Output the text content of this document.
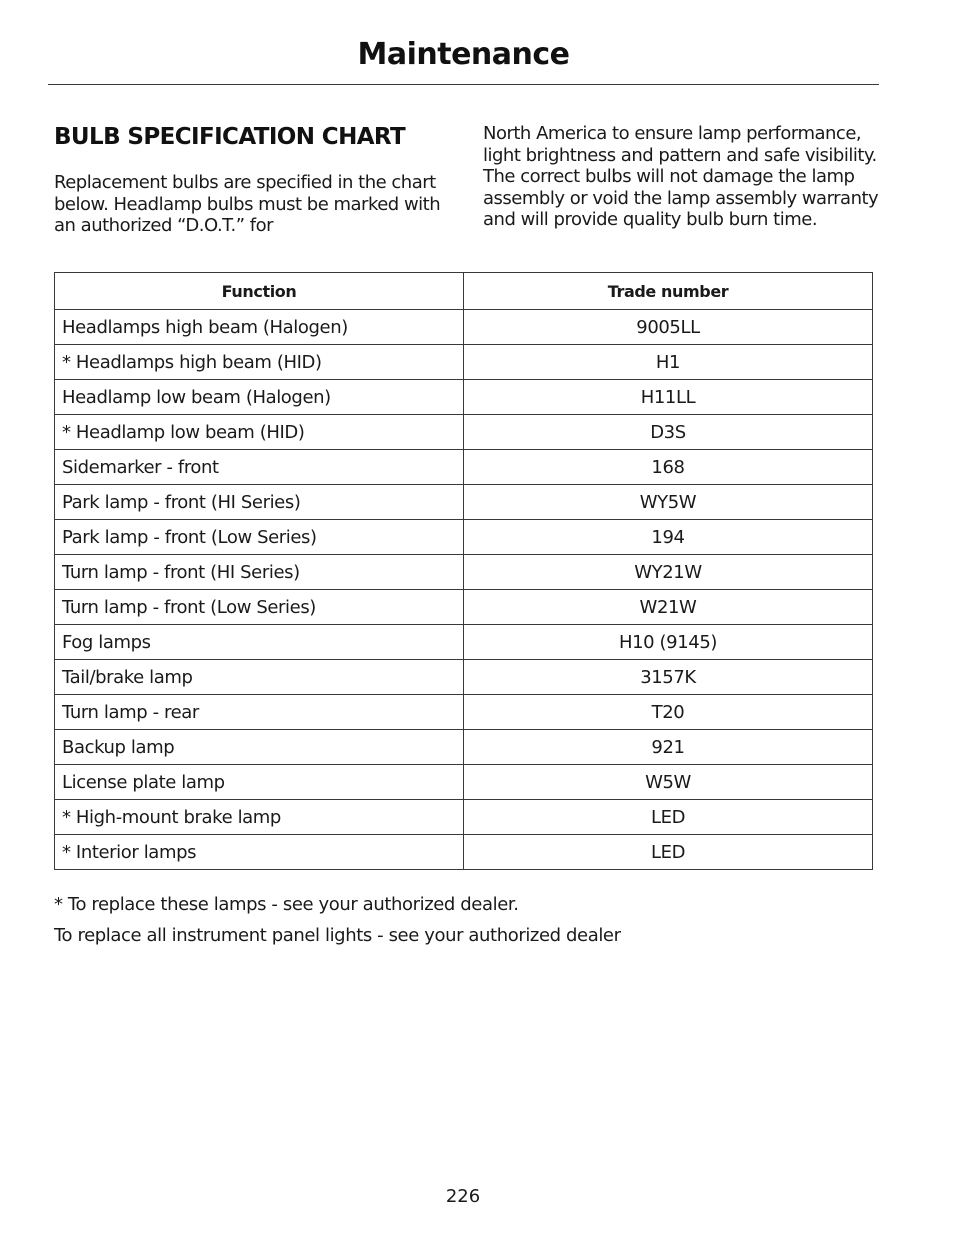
Maintenance
BULB SPECIFICATION CHART

Replacement bulbs are specified in the chart below. Headlamp bulbs must be marked with an authorized “D.O.T.” for

North America to ensure lamp performance, light brightness and pattern and safe visibility. The correct bulbs will not damage the lamp assembly or void the lamp assembly warranty and will provide quality bulb burn time.

Function	Trade number
Headlamps high beam (Halogen)	9005LL
* Headlamps high beam (HID)	H1
Headlamp low beam (Halogen)	H11LL
* Headlamp low beam (HID)	D3S
Sidemarker - front	168
Park lamp - front (HI Series)	WY5W
Park lamp - front (Low Series)	194
Turn lamp - front (HI Series)	WY21W
Turn lamp - front (Low Series)	W21W
Fog lamps	H10 (9145)
Tail/brake lamp	3157K
Turn lamp - rear	T20
Backup lamp	921
License plate lamp	W5W
* High-mount brake lamp	LED
* Interior lamps	LED

* To replace these lamps - see your authorized dealer.

To replace all instrument panel lights - see your authorized dealer

226
